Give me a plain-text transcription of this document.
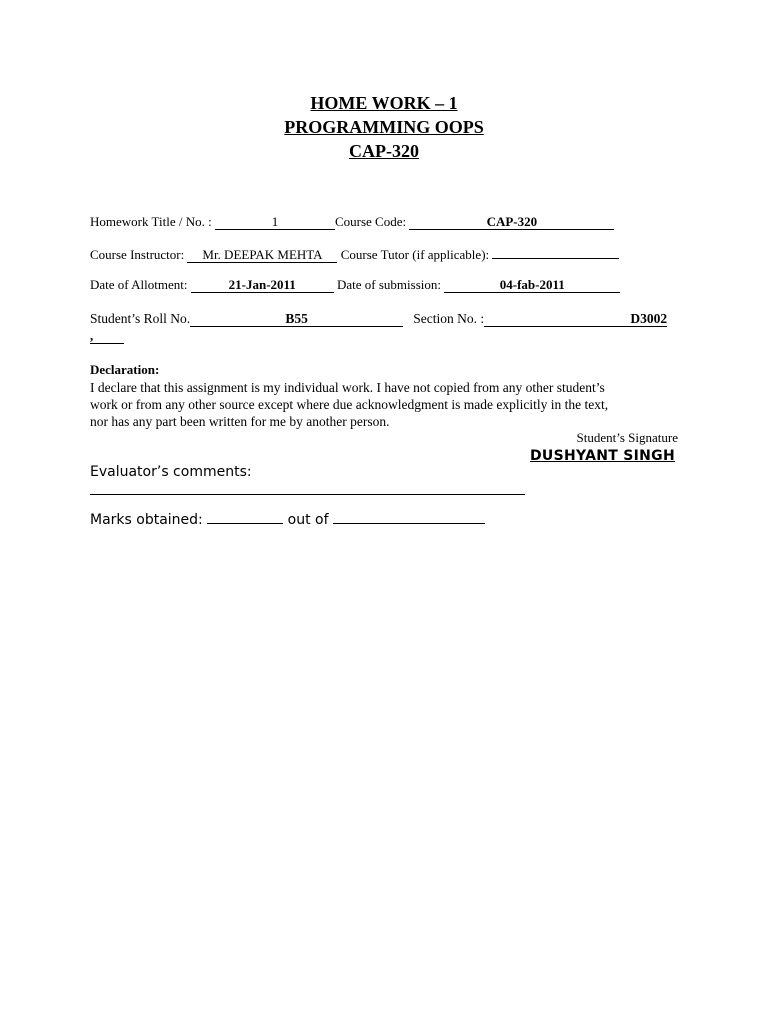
HOME WORK – 1
PROGRAMMING OOPS
CAP-320
Homework Title / No. :	1	Course Code:	CAP-320
Course Instructor: Mr. DEEPAK MEHTA Course Tutor (if applicable):
Date of Allotment:	21-Jan-2011	Date of submission:	04-fab-2011
Student’s Roll No.	B55	Section No. :	D3002
,
Declaration:
I declare that this assignment is my individual work. I have not copied from any other student’s
work or from any other source except where due acknowledgment is made explicitly in the text,
nor has any part been written for me by another person.
Student’s Signature
DUSHYANT SINGH
Evaluator’s comments:
Marks obtained:	out of
